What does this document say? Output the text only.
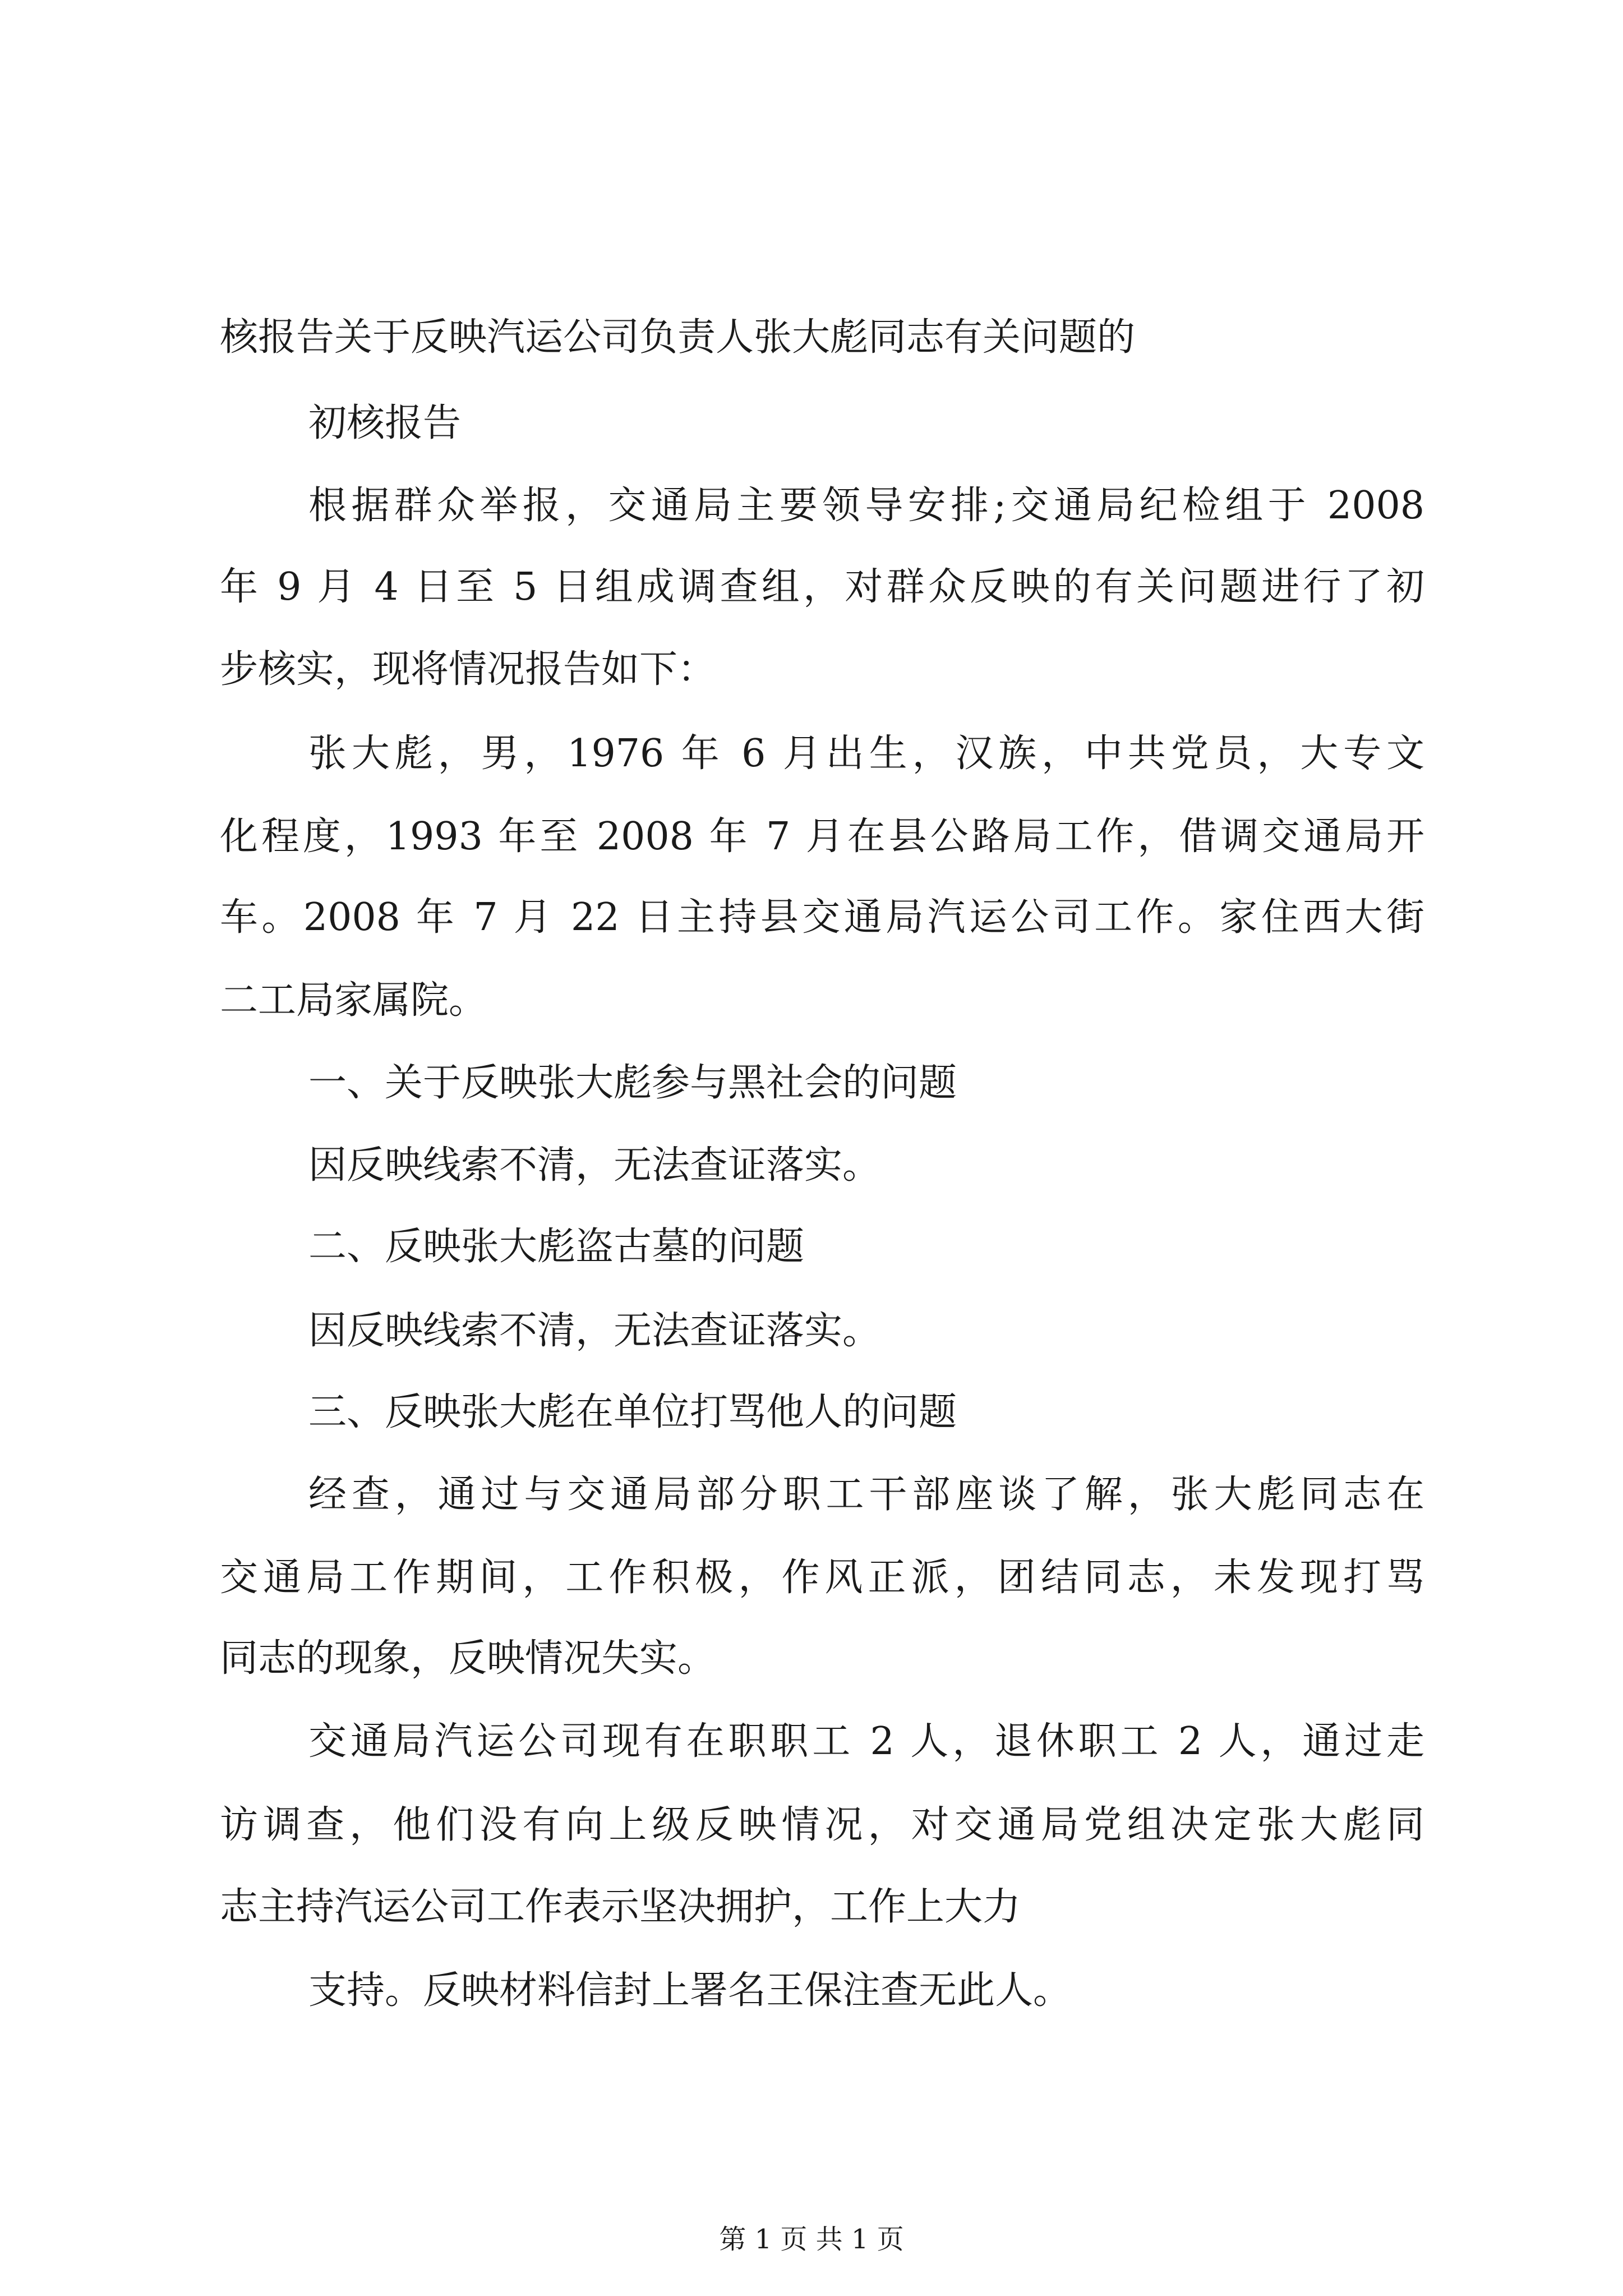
核报告关于反映汽运公司负责人张大彪同志有关问题的

初核报告

根据群众举报，交通局主要领导安排;交通局纪检组于 2008

年 9 月 4 日至 5 日组成调查组，对群众反映的有关问题进行了初

步核实，现将情况报告如下：

张大彪，男，1976 年 6 月出生，汉族，中共党员，大专文

化程度，1993 年至 2008 年 7 月在县公路局工作，借调交通局开

车。2008 年 7 月 22 日主持县交通局汽运公司工作。家住西大街

二工局家属院。

一、关于反映张大彪参与黑社会的问题

因反映线索不清，无法查证落实。

二、反映张大彪盗古墓的问题

因反映线索不清，无法查证落实。

三、反映张大彪在单位打骂他人的问题

经查，通过与交通局部分职工干部座谈了解，张大彪同志在

交通局工作期间，工作积极，作风正派，团结同志，未发现打骂

同志的现象，反映情况失实。

交通局汽运公司现有在职职工 2 人，退休职工 2 人，通过走

访调查，他们没有向上级反映情况，对交通局党组决定张大彪同

志主持汽运公司工作表示坚决拥护，工作上大力

支持。反映材料信封上署名王保注查无此人。

第 1 页 共 1 页
